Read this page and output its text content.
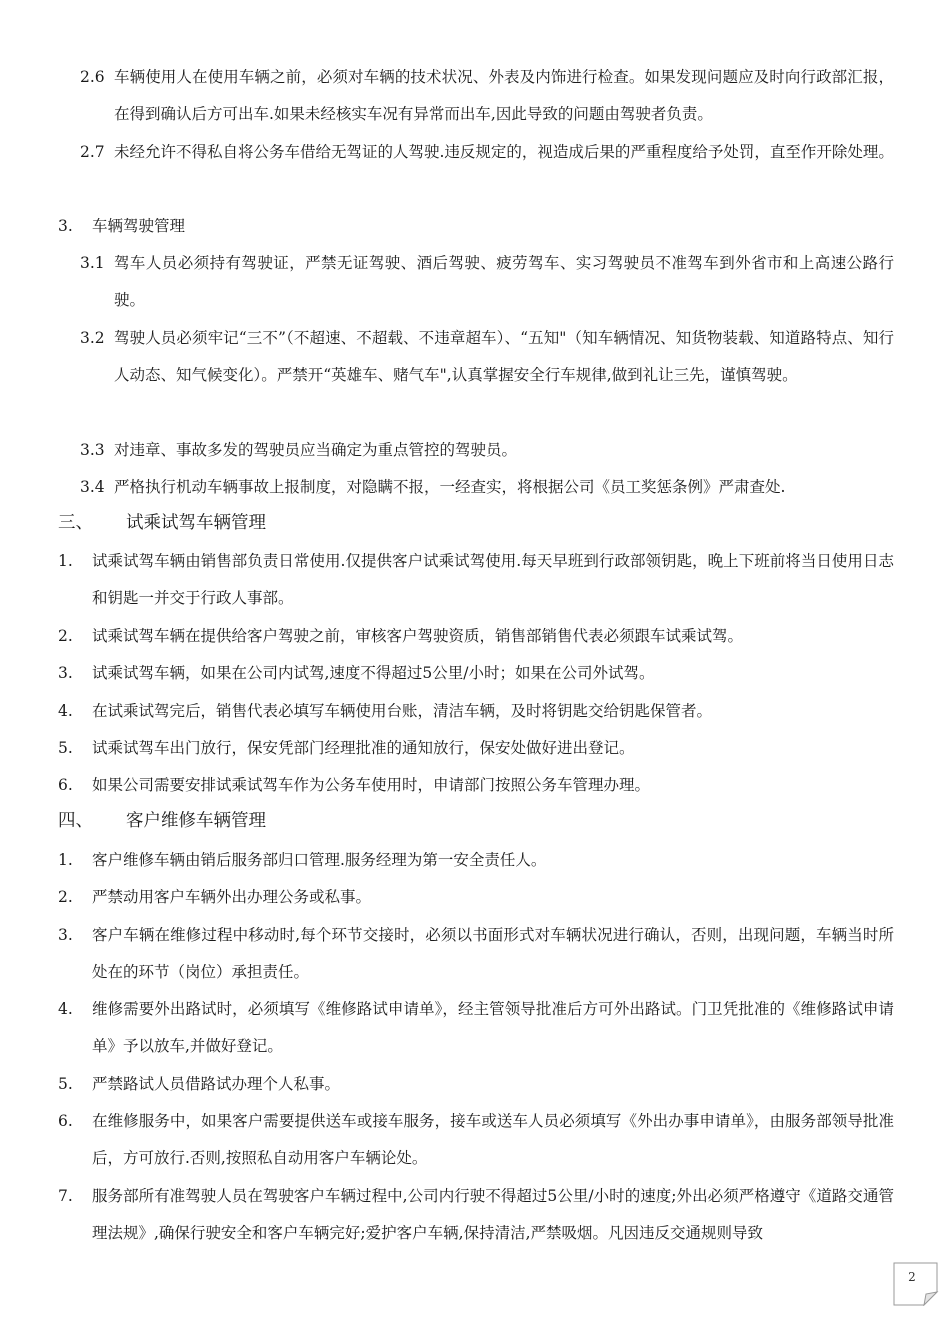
2.6 车辆使用人在使用车辆之前，必须对车辆的技术状况、外表及内饰进行检查。如果发现问题应及时向行政部汇报，在得到确认后方可出车.如果未经核实车况有异常而出车,因此导致的问题由驾驶者负责。
2.7 未经允许不得私自将公务车借给无驾证的人驾驶.违反规定的，视造成后果的严重程度给予处罚，直至作开除处理。
3. 车辆驾驶管理
3.1 驾车人员必须持有驾驶证，严禁无证驾驶、酒后驾驶、疲劳驾车、实习驾驶员不准驾车到外省市和上高速公路行驶。
3.2 驾驶人员必须牢记“三不”（不超速、不超载、不违章超车）、“五知"（知车辆情况、知货物装载、知道路特点、知行人动态、知气候变化）。严禁开“英雄车、赌气车",认真掌握安全行车规律,做到礼让三先，谨慎驾驶。
3.3 对违章、事故多发的驾驶员应当确定为重点管控的驾驶员。
3.4 严格执行机动车辆事故上报制度，对隐瞒不报，一经查实，将根据公司《员工奖惩条例》严肃查处.
三、 试乘试驾车辆管理
1. 试乘试驾车辆由销售部负责日常使用.仅提供客户试乘试驾使用.每天早班到行政部领钥匙，晚上下班前将当日使用日志和钥匙一并交于行政人事部。
2. 试乘试驾车辆在提供给客户驾驶之前，审核客户驾驶资质，销售部销售代表必须跟车试乘试驾。
3. 试乘试驾车辆，如果在公司内试驾,速度不得超过5公里/小时；如果在公司外试驾。
4. 在试乘试驾完后，销售代表必填写车辆使用台账，清洁车辆，及时将钥匙交给钥匙保管者。
5. 试乘试驾车出门放行，保安凭部门经理批准的通知放行，保安处做好进出登记。
6. 如果公司需要安排试乘试驾车作为公务车使用时，申请部门按照公务车管理办理。
四、 客户维修车辆管理
1. 客户维修车辆由销后服务部归口管理.服务经理为第一安全责任人。
2. 严禁动用客户车辆外出办理公务或私事。
3. 客户车辆在维修过程中移动时,每个环节交接时，必须以书面形式对车辆状况进行确认，否则，出现问题，车辆当时所处在的环节（岗位）承担责任。
4. 维修需要外出路试时，必须填写《维修路试申请单》，经主管领导批准后方可外出路试。门卫凭批准的《维修路试申请单》予以放车,并做好登记。
5. 严禁路试人员借路试办理个人私事。
6. 在维修服务中，如果客户需要提供送车或接车服务，接车或送车人员必须填写《外出办事申请单》，由服务部领导批准后，方可放行.否则,按照私自动用客户车辆论处。
7. 服务部所有准驾驶人员在驾驶客户车辆过程中,公司内行驶不得超过5公里/小时的速度;外出必须严格遵守《道路交通管理法规》,确保行驶安全和客户车辆完好;爱护客户车辆,保持清洁,严禁吸烟。凡因违反交通规则导致
2
